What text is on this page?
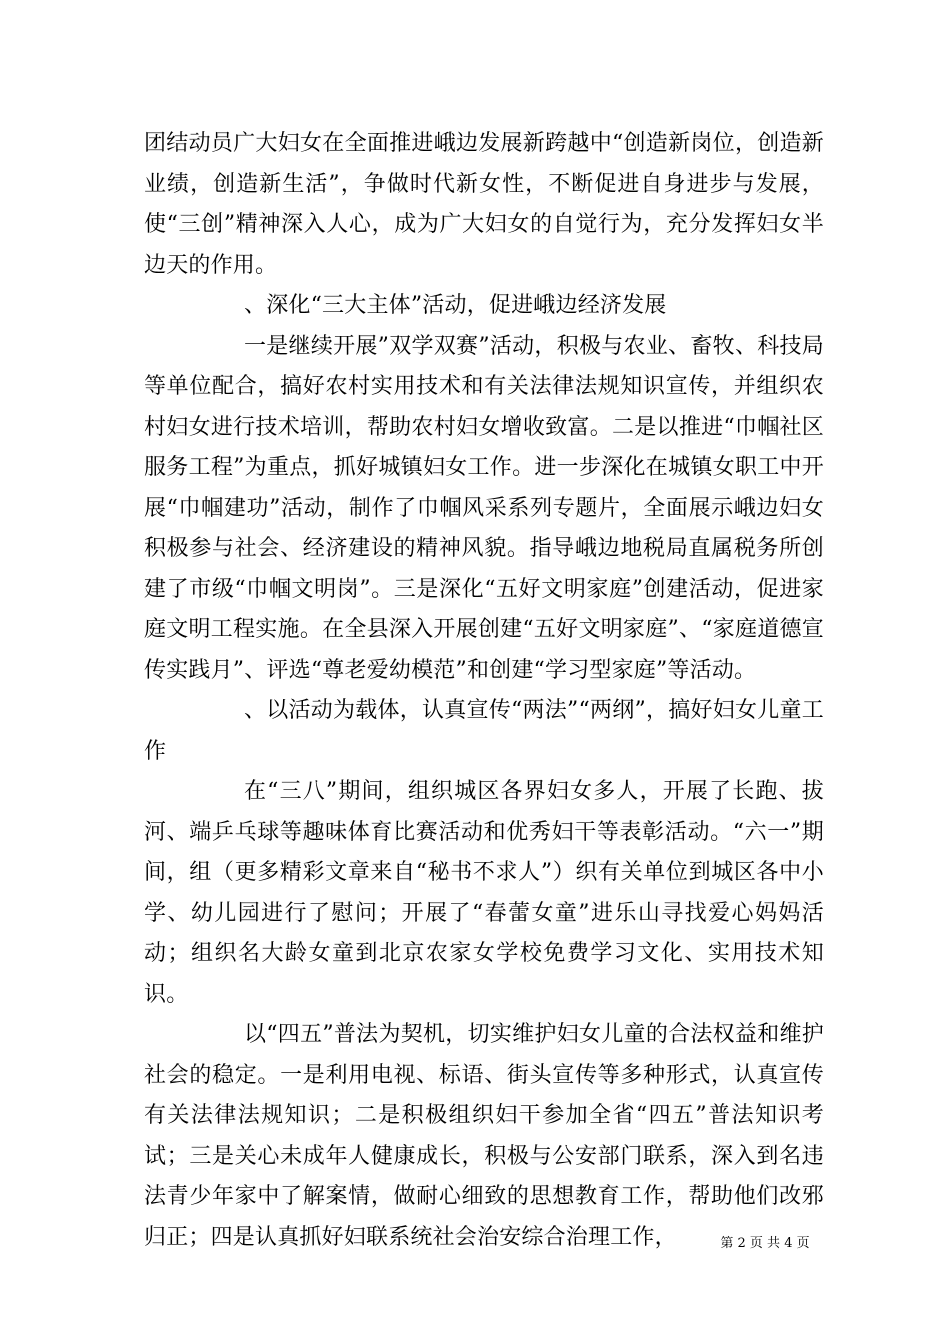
团结动员广大妇女在全面推进峨边发展新跨越中“创造新岗位，创造新业绩，创造新生活”，争做时代新女性，不断促进自身进步与发展，使“三创”精神深入人心，成为广大妇女的自觉行为，充分发挥妇女半边天的作用。

、深化“三大主体”活动，促进峨边经济发展

一是继续开展”双学双赛”活动，积极与农业、畜牧、科技局等单位配合，搞好农村实用技术和有关法律法规知识宣传，并组织农村妇女进行技术培训，帮助农村妇女增收致富。二是以推进“巾帼社区服务工程”为重点，抓好城镇妇女工作。进一步深化在城镇女职工中开展“巾帼建功”活动，制作了巾帼风采系列专题片，全面展示峨边妇女积极参与社会、经济建设的精神风貌。指导峨边地税局直属税务所创建了市级“巾帼文明岗”。三是深化“五好文明家庭”创建活动，促进家庭文明工程实施。在全县深入开展创建“五好文明家庭”、“家庭道德宣传实践月”、评选“尊老爱幼模范”和创建“学习型家庭”等活动。

、以活动为载体，认真宣传“两法”“两纲”，搞好妇女儿童工作

在“三八”期间，组织城区各界妇女多人，开展了长跑、拔河、端乒乓球等趣味体育比赛活动和优秀妇干等表彰活动。“六一”期间，组（更多精彩文章来自“秘书不求人”）织有关单位到城区各中小学、幼儿园进行了慰问；开展了“春蕾女童”进乐山寻找爱心妈妈活动；组织名大龄女童到北京农家女学校免费学习文化、实用技术知识。

以“四五”普法为契机，切实维护妇女儿童的合法权益和维护社会的稳定。一是利用电视、标语、街头宣传等多种形式，认真宣传有关法律法规知识；二是积极组织妇干参加全省“四五”普法知识考试；三是关心未成年人健康成长，积极与公安部门联系，深入到名违法青少年家中了解案情，做耐心细致的思想教育工作，帮助他们改邪归正；四是认真抓好妇联系统社会治安综合治理工作，	第 2 页 共 4 页
